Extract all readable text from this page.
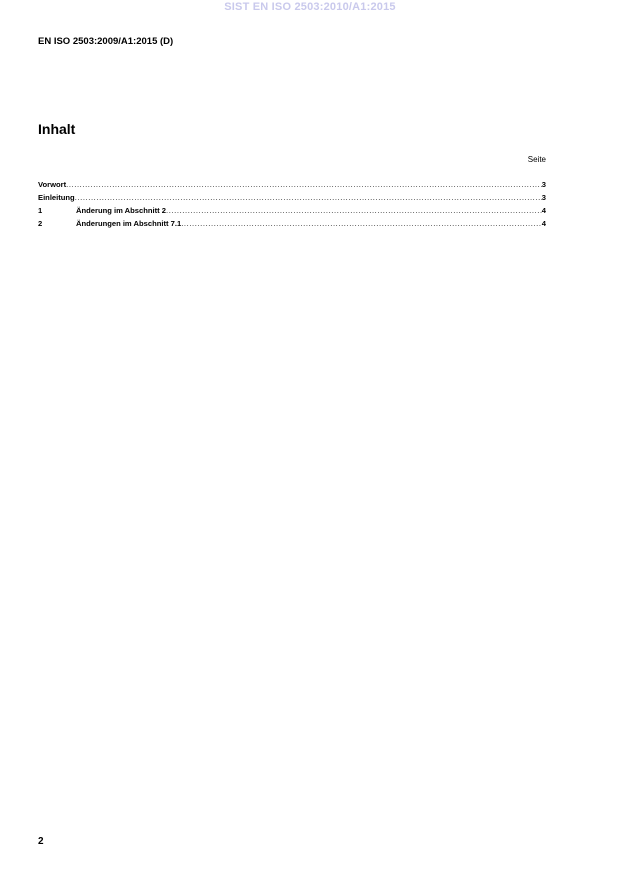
SIST EN ISO 2503:2010/A1:2015
EN ISO 2503:2009/A1:2015 (D)
Inhalt
Seite
Vorwort .....	3
Einleitung .....	3
1	Änderung im Abschnitt 2 .....	4
2	Änderungen im Abschnitt 7.1 .....	4
2
